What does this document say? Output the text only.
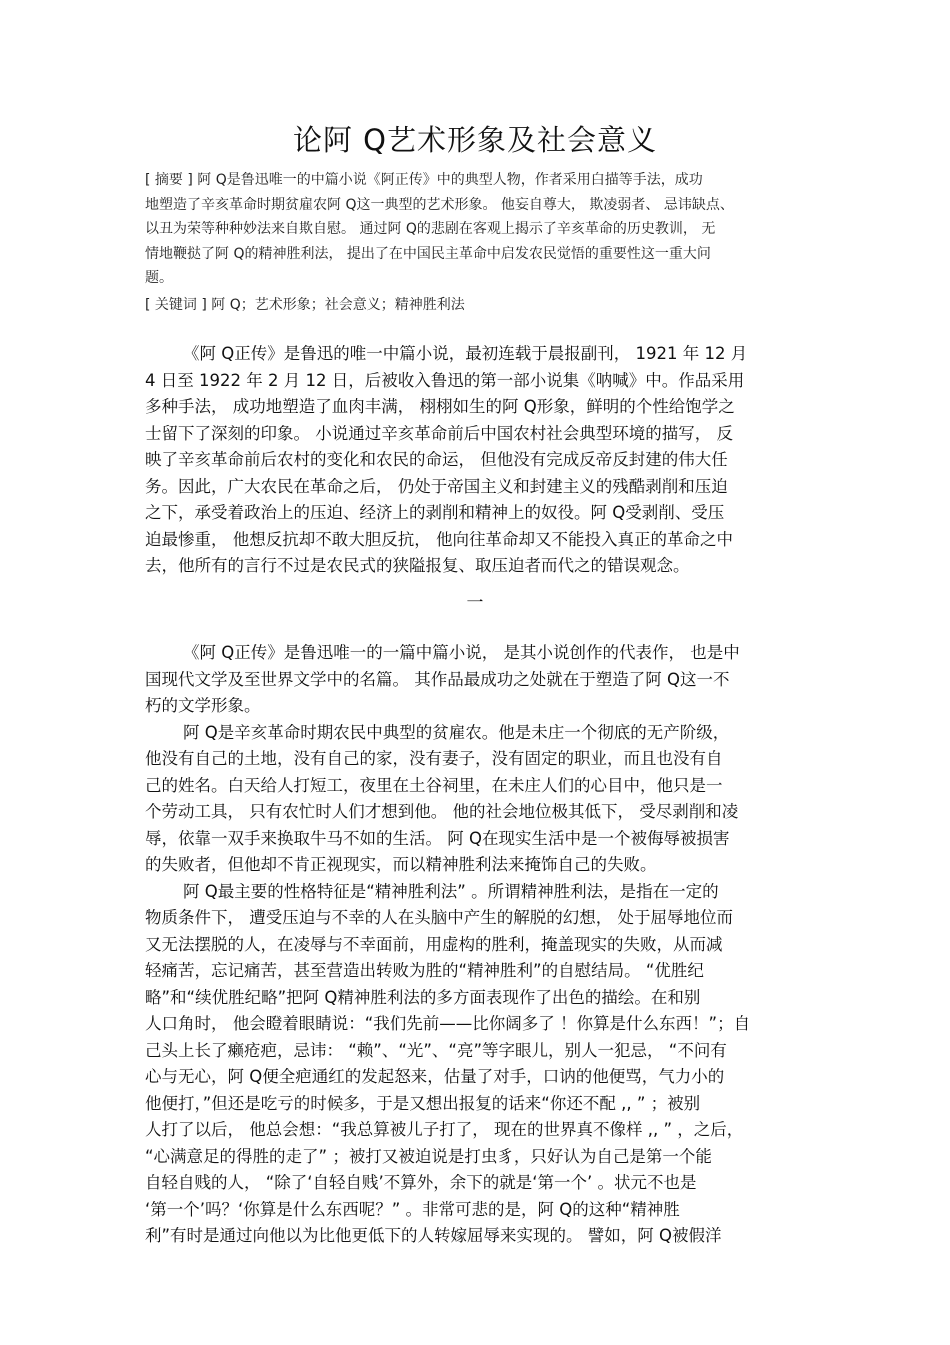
论阿 Q艺术形象及社会意义
[ 摘要 ] 阿 Q是鲁迅唯一的中篇小说《阿正传》中的典型人物，作者采用白描等手法，成功
地塑造了辛亥革命时期贫雇农阿 Q这一典型的艺术形象。 他妄自尊大， 欺凌弱者、 忌讳缺点、
以丑为荣等种种妙法来自欺自慰。 通过阿 Q的悲剧在客观上揭示了辛亥革命的历史教训， 无
情地鞭挞了阿 Q的精神胜利法， 提出了在中国民主革命中启发农民觉悟的重要性这一重大问
题。
[ 关键词 ] 阿 Q；艺术形象；社会意义；精神胜利法
《阿 Q正传》是鲁迅的唯一中篇小说，最初连载于晨报副刊， 1921 年 12 月
4 日至 1922 年 2 月 12 日，后被收入鲁迅的第一部小说集《呐喊》中。作品采用
多种手法， 成功地塑造了血肉丰满， 栩栩如生的阿 Q形象，鲜明的个性给饱学之
士留下了深刻的印象。 小说通过辛亥革命前后中国农村社会典型环境的描写， 反
映了辛亥革命前后农村的变化和农民的命运， 但他没有完成反帝反封建的伟大任
务。因此，广大农民在革命之后， 仍处于帝国主义和封建主义的残酷剥削和压迫
之下，承受着政治上的压迫、经济上的剥削和精神上的奴役。阿 Q受剥削、受压
迫最惨重， 他想反抗却不敢大胆反抗， 他向往革命却又不能投入真正的革命之中
去，他所有的言行不过是农民式的狭隘报复、取压迫者而代之的错误观念。
一
《阿 Q正传》是鲁迅唯一的一篇中篇小说， 是其小说创作的代表作， 也是中
国现代文学及至世界文学中的名篇。 其作品最成功之处就在于塑造了阿 Q这一不
朽的文学形象。
阿 Q是辛亥革命时期农民中典型的贫雇农。他是未庄一个彻底的无产阶级，
他没有自己的土地，没有自己的家，没有妻子，没有固定的职业，而且也没有自
己的姓名。白天给人打短工，夜里在土谷祠里，在未庄人们的心目中，他只是一
个劳动工具， 只有农忙时人们才想到他。 他的社会地位极其低下， 受尽剥削和凌
辱，依靠一双手来换取牛马不如的生活。 阿 Q在现实生活中是一个被侮辱被损害
的失败者，但他却不肯正视现实，而以精神胜利法来掩饰自己的失败。
阿 Q最主要的性格特征是“精神胜利法” 。所谓精神胜利法，是指在一定的
物质条件下， 遭受压迫与不幸的人在头脑中产生的解脱的幻想， 处于屈辱地位而
又无法摆脱的人，在凌辱与不幸面前，用虚构的胜利，掩盖现实的失败，从而减
轻痛苦，忘记痛苦，甚至营造出转败为胜的“精神胜利”的自慰结局。 “优胜纪
略”和“续优胜纪略”把阿 Q精神胜利法的多方面表现作了出色的描绘。在和别
人口角时， 他会瞪着眼睛说：“我们先前——比你阔多了 ！你算是什么东西！”；自
己头上长了癞疮疤，忌讳： “赖”、“光”、“亮”等字眼儿，别人一犯忌， “不问有
心与无心，阿 Q便全疤通红的发起怒来，估量了对手，口讷的他便骂，气力小的
他便打，”但还是吃亏的时候多，于是又想出报复的话来“你还不配 ,, ” ；被别
人打了以后， 他总会想：“我总算被儿子打了， 现在的世界真不像样 ,, ” ，之后，
“心满意足的得胜的走了” ；被打又被迫说是打虫豸，只好认为自己是第一个能
自轻自贱的人， “除了‘自轻自贱’不算外，余下的就是‘第一个’ 。状元不也是
‘第一个’吗？‘你算是什么东西呢？” 。非常可悲的是，阿 Q的这种“精神胜
利”有时是通过向他以为比他更低下的人转嫁屈辱来实现的。 譬如，阿 Q被假洋
